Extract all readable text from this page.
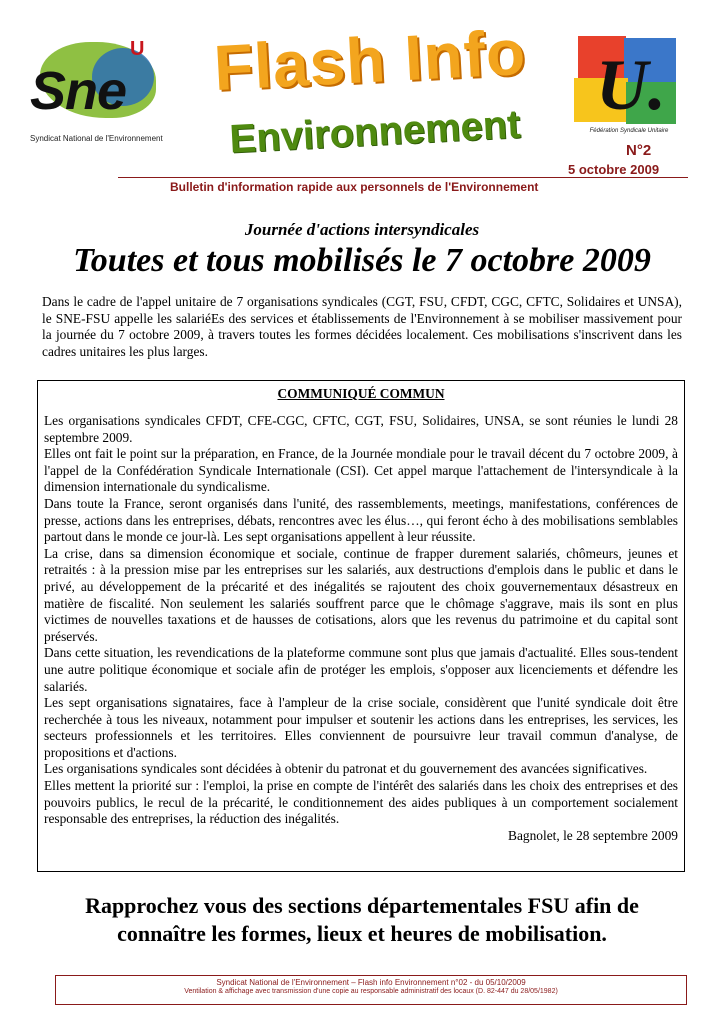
U
Sne
Syndicat National de l'Environnement
Flash Info
Environnement
U.
Fédération Syndicale Unitaire
N°2
5 octobre 2009
Bulletin d'information rapide aux personnels de l'Environnement
Journée d'actions intersyndicales
Toutes et tous mobilisés le 7 octobre 2009

Dans le cadre de l'appel unitaire de 7 organisations syndicales (CGT, FSU, CFDT, CGC, CFTC, Solidaires et UNSA), le SNE-FSU appelle les salariéEs des services et établissements de l'Environnement à se mobiliser massivement pour la journée du 7 octobre 2009, à travers toutes les formes décidées localement. Ces mobilisations s'inscrivent dans les cadres unitaires les plus larges.

COMMUNIQUÉ COMMUN

Les organisations syndicales CFDT, CFE-CGC, CFTC, CGT, FSU, Solidaires, UNSA, se sont réunies le lundi 28 septembre 2009.

Elles ont fait le point sur la préparation, en France, de la Journée mondiale pour le travail décent du 7 octobre 2009, à l'appel de la Confédération Syndicale Internationale (CSI). Cet appel marque l'attachement de l'intersyndicale à la dimension internationale du syndicalisme.

Dans toute la France, seront organisés dans l'unité, des rassemblements, meetings, manifestations, conférences de presse, actions dans les entreprises, débats, rencontres avec les élus…, qui feront écho à des mobilisations semblables partout dans le monde ce jour-là. Les sept organisations appellent à leur réussite.

La crise, dans sa dimension économique et sociale, continue de frapper durement salariés, chômeurs, jeunes et retraités : à la pression mise par les entreprises sur les salariés, aux destructions d'emplois dans le public et dans le privé, au développement de la précarité et des inégalités se rajoutent des choix gouvernementaux désastreux en matière de fiscalité. Non seulement les salariés souffrent parce que le chômage s'aggrave, mais ils sont en plus victimes de nouvelles taxations et de hausses de cotisations, alors que les revenus du patrimoine et du capital sont préservés.

Dans cette situation, les revendications de la plateforme commune sont plus que jamais d'actualité. Elles sous-tendent une autre politique économique et sociale afin de protéger les emplois, s'opposer aux licenciements et défendre les salariés.

Les sept organisations signataires, face à l'ampleur de la crise sociale, considèrent que l'unité syndicale doit être recherchée à tous les niveaux, notamment pour impulser et soutenir les actions dans les entreprises, les services, les secteurs professionnels et les territoires. Elles conviennent de poursuivre leur travail commun d'analyse, de propositions et d'actions.

Les organisations syndicales sont décidées à obtenir du patronat et du gouvernement des avancées significatives.

Elles mettent la priorité sur : l'emploi, la prise en compte de l'intérêt des salariés dans les choix des entreprises et des pouvoirs publics, le recul de la précarité, le conditionnement des aides publiques à un comportement socialement responsable des entreprises, la réduction des inégalités.

Bagnolet, le 28 septembre 2009
Rapprochez vous des sections départementales FSU afin de
connaître les formes, lieux et heures de mobilisation.
Syndicat National de l'Environnement – Flash info Environnement n°02 - du 05/10/2009
Ventilation & affichage avec transmission d'une copie au responsable administratif des locaux (D. 82-447 du 28/05/1982)
